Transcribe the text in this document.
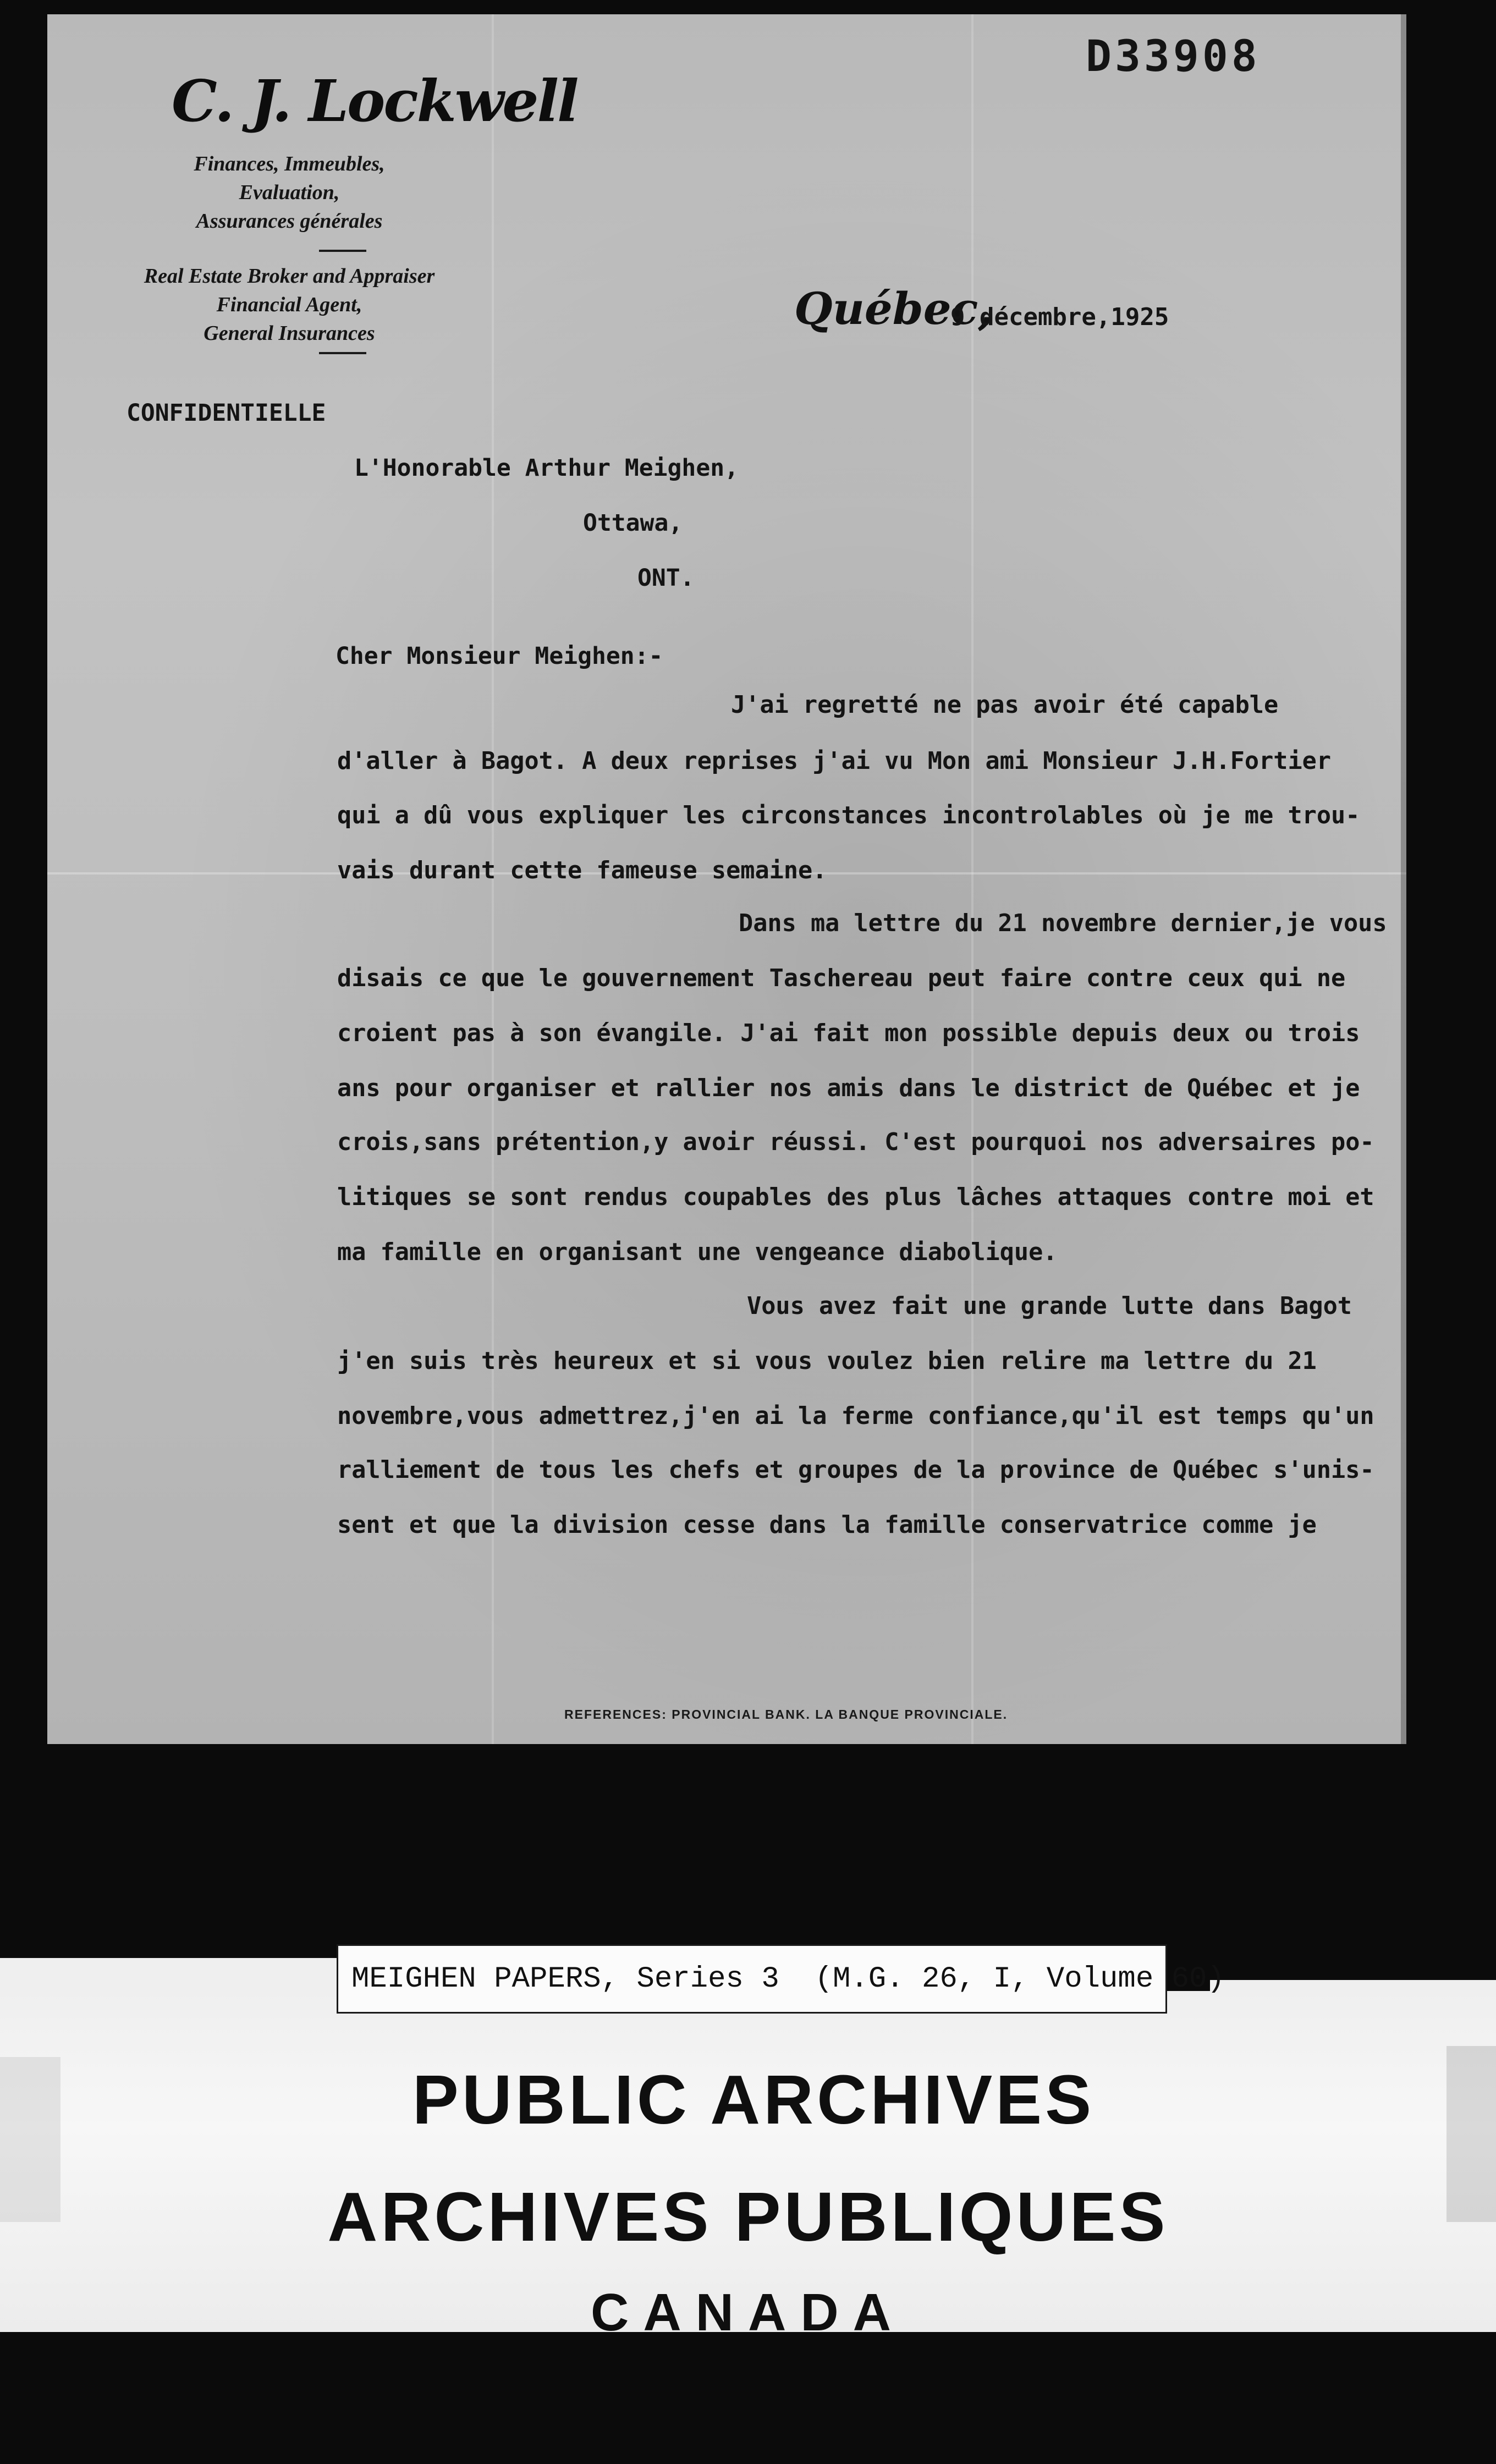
D33908
C. J. Lockwell
Finances, Immeubles,
Evaluation,
Assurances générales
Real Estate Broker and Appraiser
Financial Agent,
General Insurances	Québec,
9 décembre,1925
CONFIDENTIELLE
L'Honorable Arthur Meighen,
Ottawa,
ONT.
Cher Monsieur Meighen:-
J'ai regretté ne pas avoir été capable
d'aller à Bagot. A deux reprises j'ai vu Mon ami Monsieur J.H.Fortier
qui a dû vous expliquer les circonstances incontrolables où je me trou-
vais durant cette fameuse semaine.
Dans ma lettre du 21 novembre dernier,je vous
disais ce que le gouvernement Taschereau peut faire contre ceux qui ne
croient pas à son évangile. J'ai fait mon possible depuis deux ou trois
ans pour organiser et rallier nos amis dans le district de Québec et je
crois,sans prétention,y avoir réussi. C'est pourquoi nos adversaires po-
litiques se sont rendus coupables des plus lâches attaques contre moi et
ma famille en organisant une vengeance diabolique.
Vous avez fait une grande lutte dans Bagot
j'en suis très heureux et si vous voulez bien relire ma lettre du 21
novembre,vous admettrez,j'en ai la ferme confiance,qu'il est temps qu'un
ralliement de tous les chefs et groupes de la province de Québec s'unis-
sent et que la division cesse dans la famille conservatrice comme je
REFERENCES: PROVINCIAL BANK. LA BANQUE PROVINCIALE.
MEIGHEN PAPERS, Series 3  (M.G. 26, I, Volume 60)
PUBLIC ARCHIVES
ARCHIVES PUBLIQUES
CANADA
